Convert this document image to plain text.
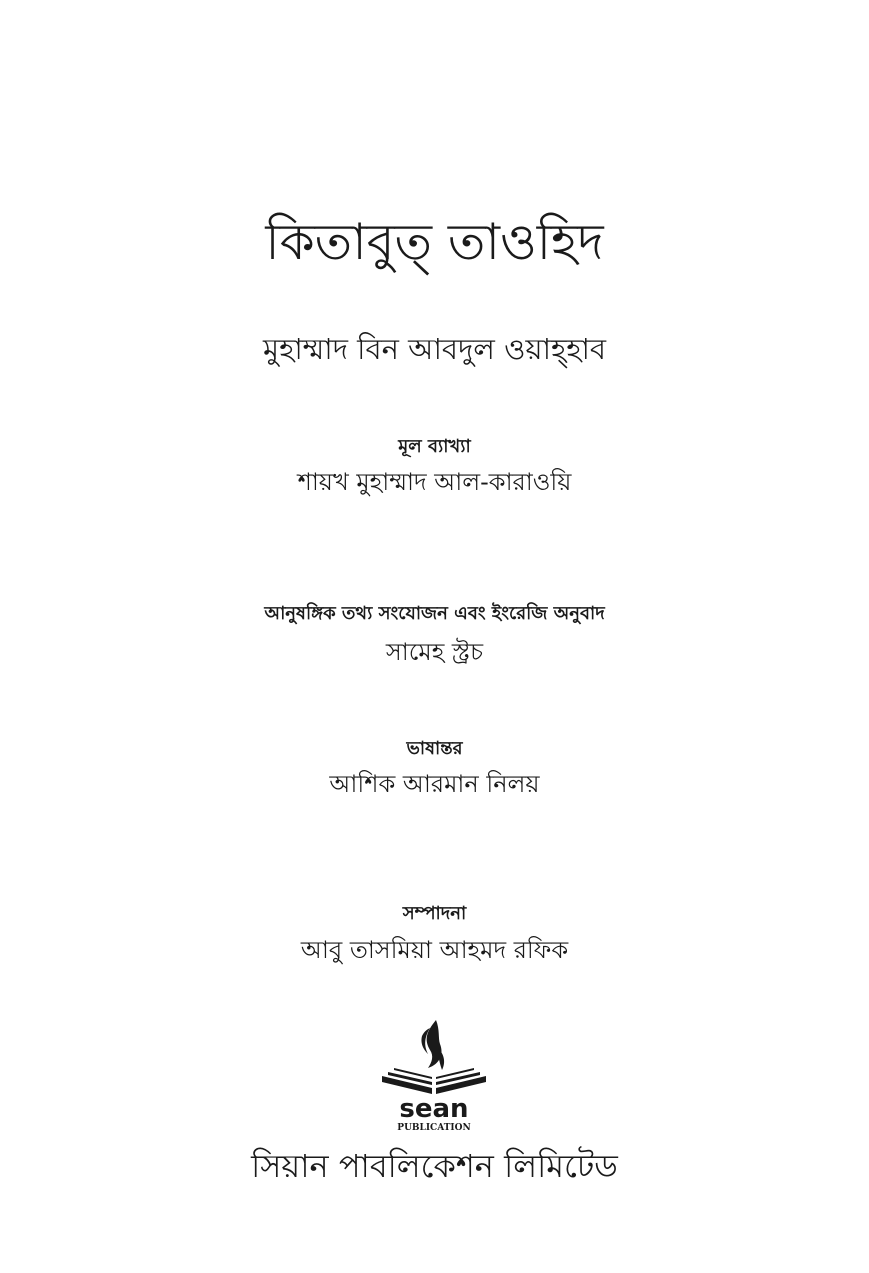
কিতাবুত্ তাওহিদ
মুহাম্মাদ বিন আবদুল ওয়াহ্হাব
মূল ব্যাখ্যা
শায়খ মুহাম্মাদ আল-কারাওয়ি
আনুষঙ্গিক তথ্য সংযোজন এবং ইংরেজি অনুবাদ
সামেহ স্ট্রচ
ভাষান্তর
আশিক আরমান নিলয়
সম্পাদনা
আবু তাসমিয়া আহমদ রফিক
sean
PUBLICATION
সিয়ান পাবলিকেশন লিমিটেড
